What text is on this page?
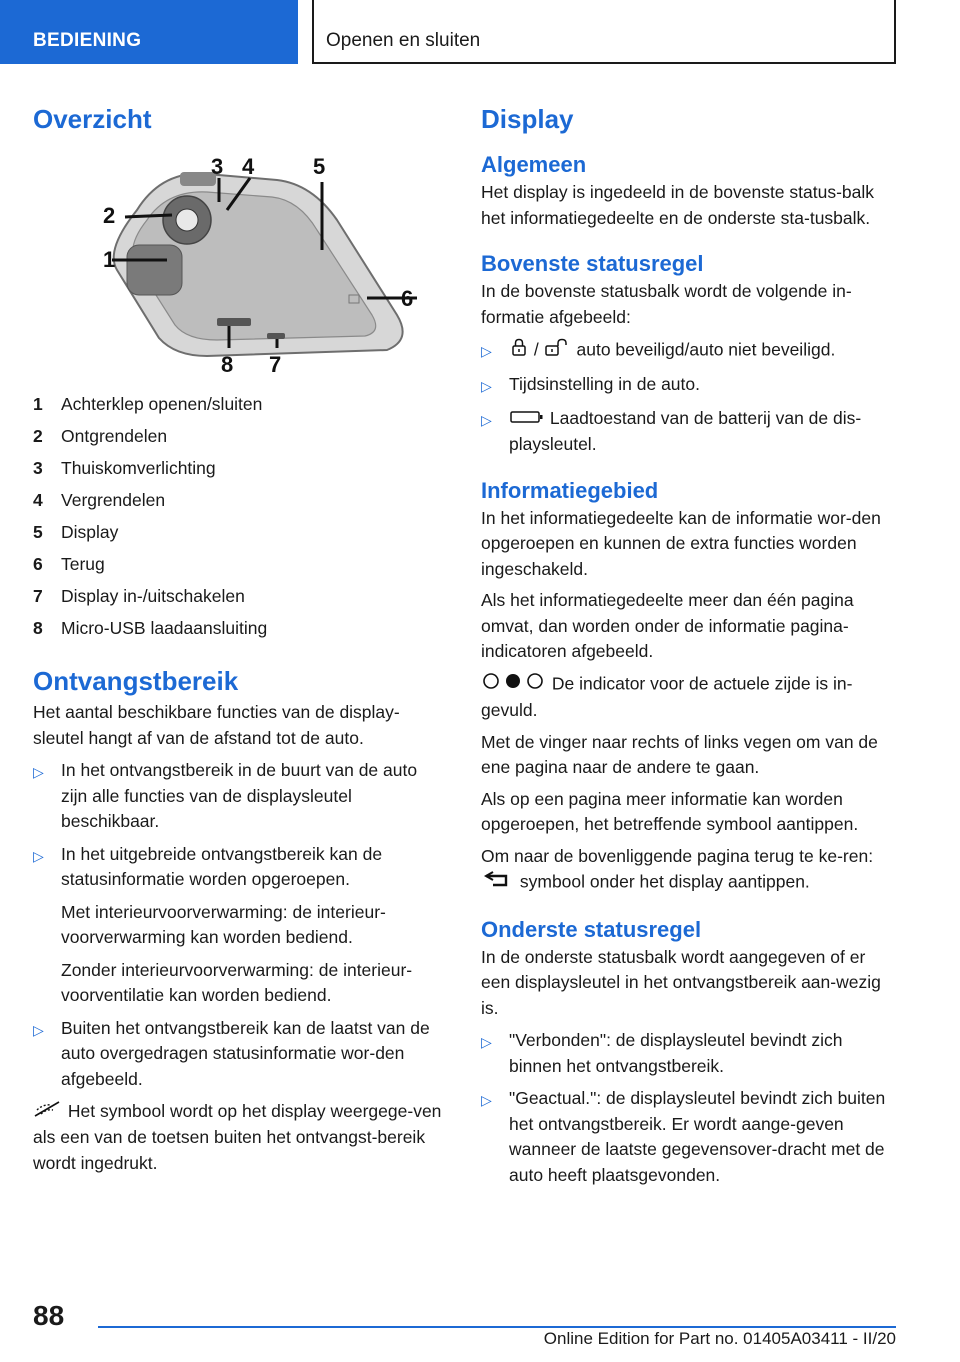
BEDIENING	Openen en sluiten
Overzicht
3 4	5
2
1
6
8 7
1	Achterklep openen/sluiten
2	Ontgrendelen
3	Thuiskomverlichting
4	Vergrendelen
5	Display
6	Terug
7	Display in-/uitschakelen
8	Micro-USB laadaansluiting
Ontvangstbereik

Het aantal beschikbare functies van de display-sleutel hangt af van de afstand tot de auto.

▷ In het ontvangstbereik in de buurt van de auto zijn alle functies van de displaysleutel beschikbaar.
▷ In het uitgebreide ontvangstbereik kan de statusinformatie worden opgeroepen.
Met interieurvoorverwarming: de interieur-voorverwarming kan worden bediend.
Zonder interieurvoorverwarming: de interieur-voorventilatie kan worden bediend.
▷ Buiten het ontvangstbereik kan de laatst van de auto overgedragen statusinformatie wor-den afgebeeld.

Het symbool wordt op het display weergege-ven als een van de toetsen buiten het ontvangst-bereik wordt ingedrukt.

Display
Algemeen

Het display is ingedeeld in de bovenste status-balk het informatiegedeelte en de onderste sta-tusbalk.

Bovenste statusregel

In de bovenste statusbalk wordt de volgende in-formatie afgebeeld:

▷	/ auto beveiligd/auto niet beveiligd.
▷ Tijdsinstelling in de auto.
▷	Laadtoestand van de batterij van de dis-playsleutel.
Informatiegebied

In het informatiegedeelte kan de informatie wor-den opgeroepen en kunnen de extra functies worden ingeschakeld.

Als het informatiegedeelte meer dan één pagina omvat, dan worden onder de informatie pagina-indicatoren afgebeeld.

De indicator voor de actuele zijde is in-gevuld.

Met de vinger naar rechts of links vegen om van de ene pagina naar de andere te gaan.

Als op een pagina meer informatie kan worden opgeroepen, het betreffende symbool aantippen.

Om naar de bovenliggende pagina terug te ke-ren:  symbool onder het display aantippen.

Onderste statusregel

In de onderste statusbalk wordt aangegeven of er een displaysleutel in het ontvangstbereik aan-wezig is.

▷ "Verbonden": de displaysleutel bevindt zich binnen het ontvangstbereik.
▷ "Geactual.": de displaysleutel bevindt zich buiten het ontvangstbereik. Er wordt aange-geven wanneer de laatste gegevensover-dracht met de auto heeft plaatsgevonden.
88
Online Edition for Part no. 01405A03411 - II/20
